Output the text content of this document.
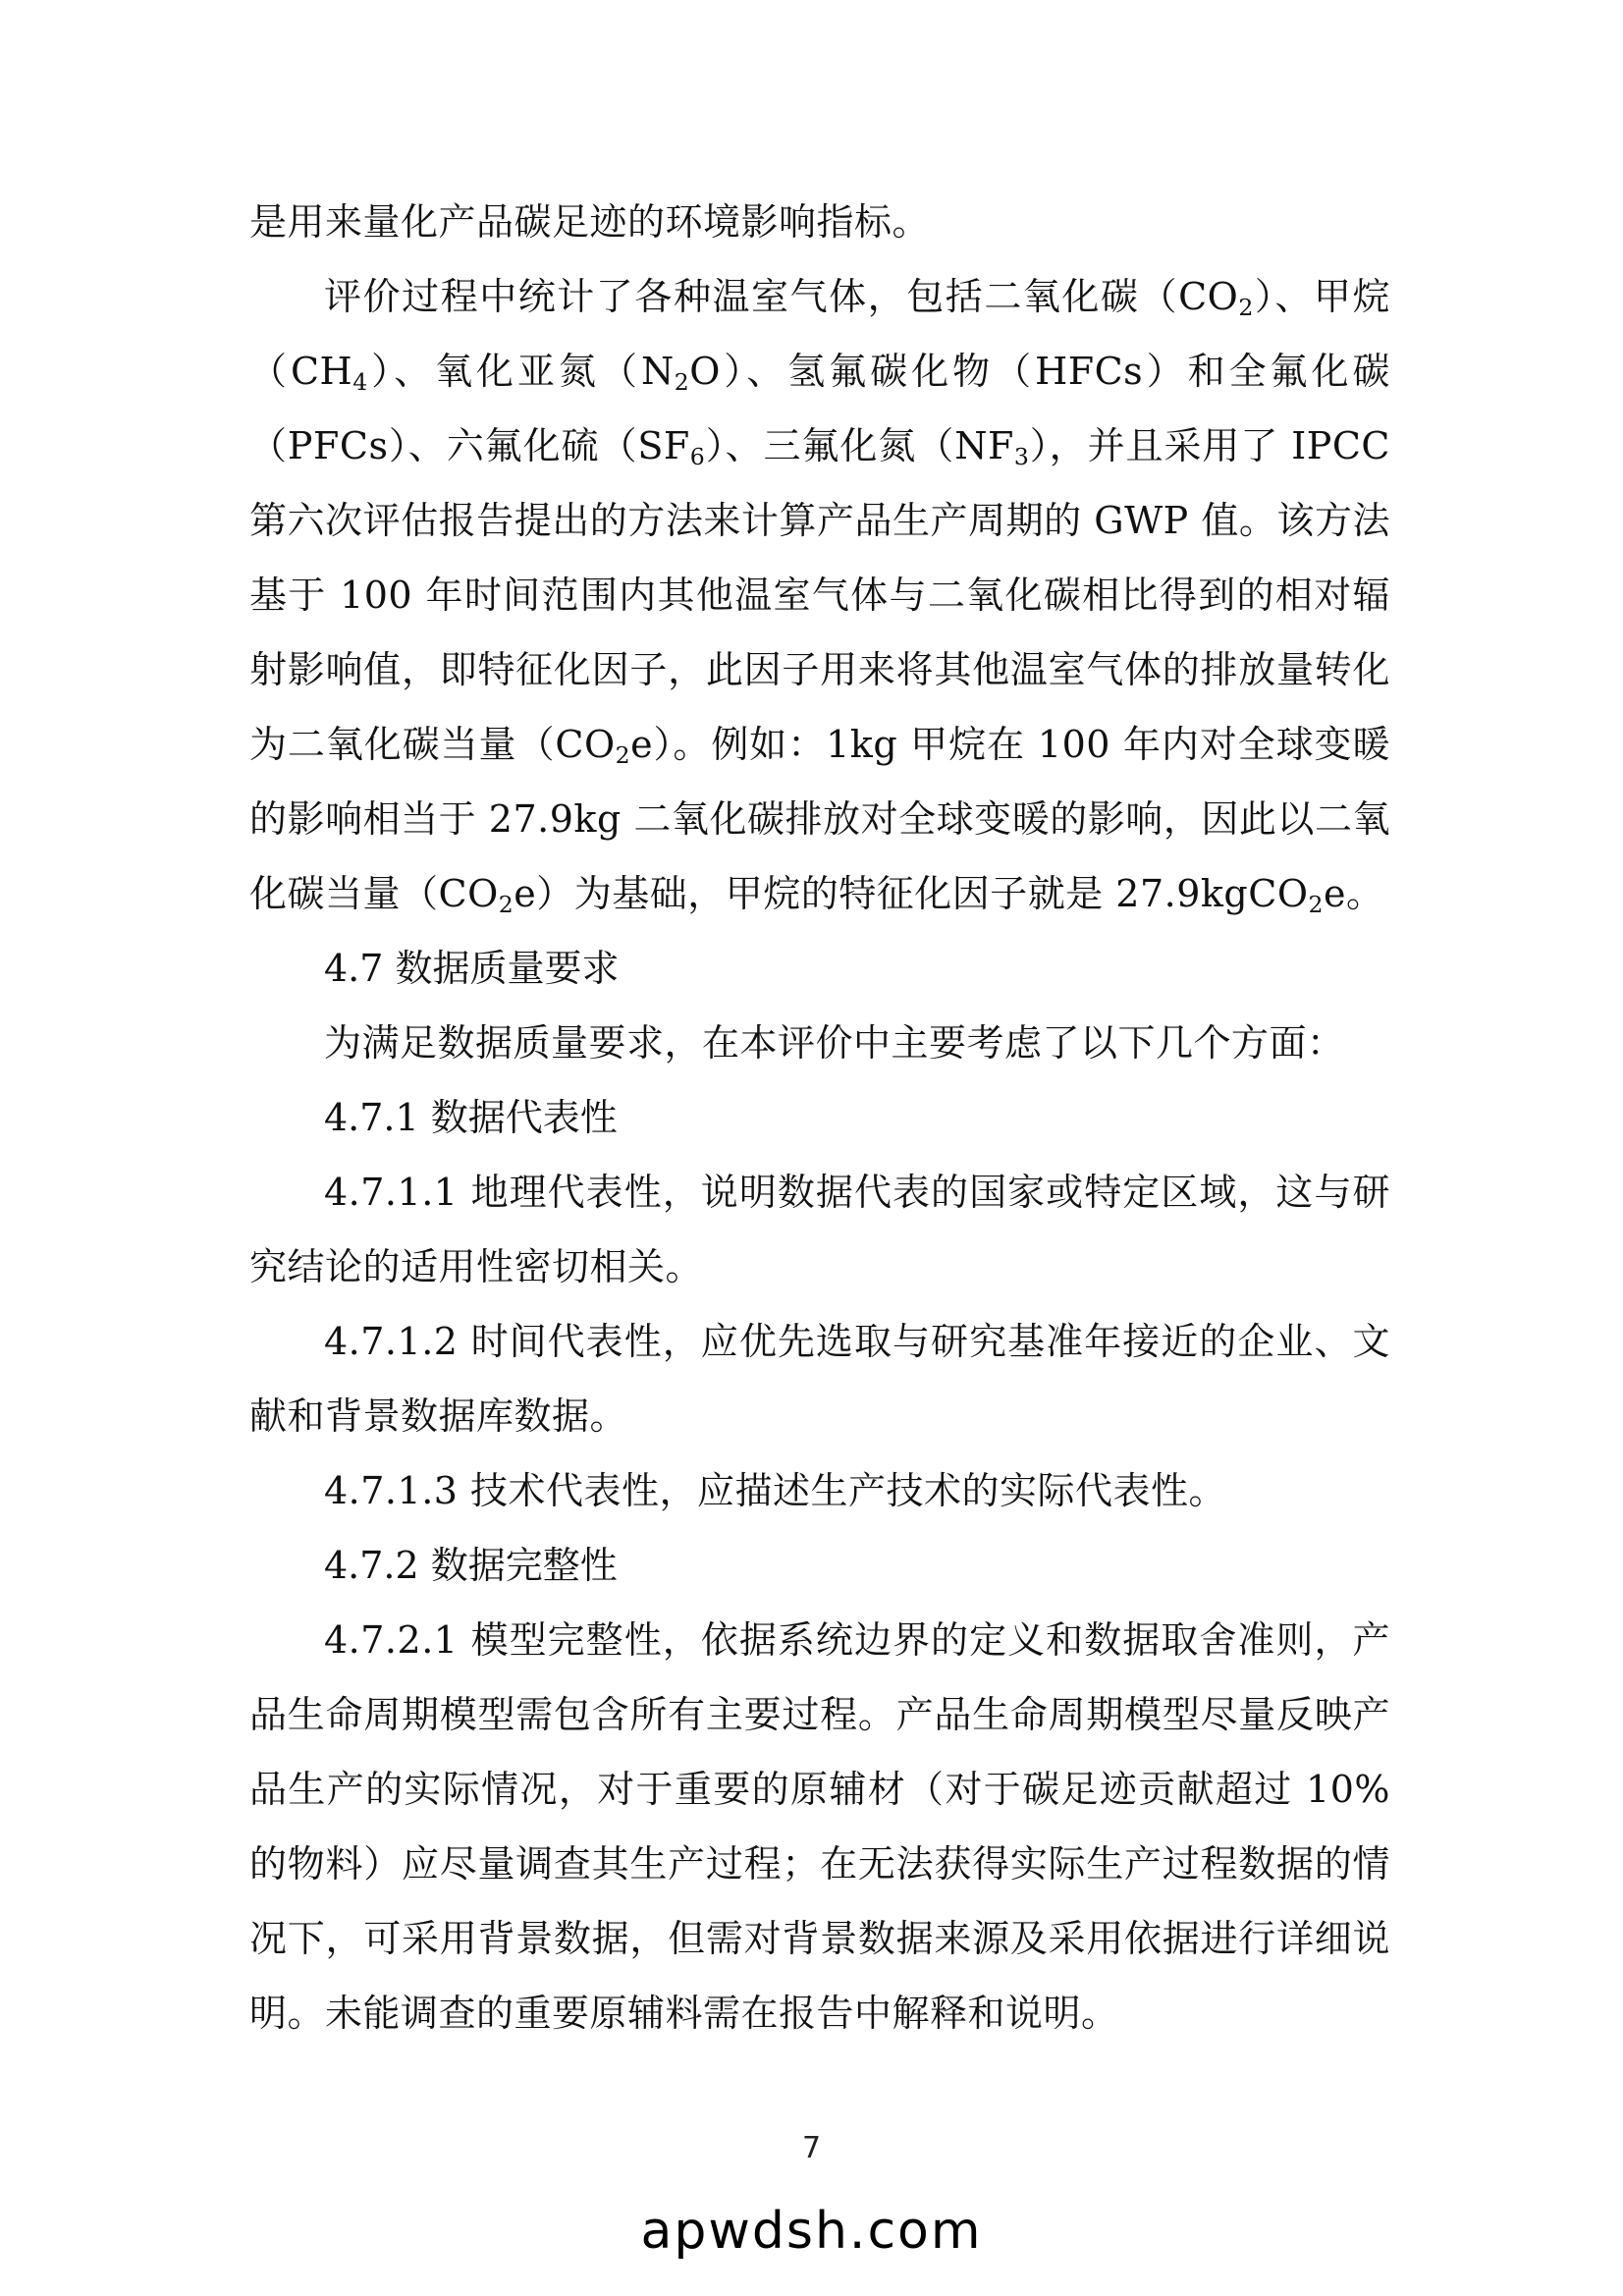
是用来量化产品碳足迹的环境影响指标。

评价过程中统计了各种温室气体，包括二氧化碳$(CO_2)$、甲烷$(CH_4)$、氧化亚氮$(N_2O)$、氢氟碳化物（HFCs）和全氟化碳（PFCs）、六氟化硫$(SF_6)$、三氟化氮$(NF_3)$，并且采用了 IPCC 第六次评估报告提出的方法来计算产品生产周期的 GWP 值。该方法基于 100 年时间范围内其他温室气体与二氧化碳相比得到的相对辐射影响值，即特征化因子，此因子用来将其他温室气体的排放量转化为二氧化碳当量$(CO_2e)$。例如：1kg 甲烷在 100 年内对全球变暖的影响相当于 27.9kg 二氧化碳排放对全球变暖的影响，因此以二氧化碳当量$(CO_2e)$为基础，甲烷的特征化因子就是 27.9kgCO$_2$e。

4.7 数据质量要求

为满足数据质量要求，在本评价中主要考虑了以下几个方面：

4.7.1 数据代表性

4.7.1.1 地理代表性，说明数据代表的国家或特定区域，这与研究结论的适用性密切相关。

4.7.1.2 时间代表性，应优先选取与研究基准年接近的企业、文献和背景数据库数据。

4.7.1.3 技术代表性，应描述生产技术的实际代表性。

4.7.2 数据完整性

4.7.2.1 模型完整性，依据系统边界的定义和数据取舍准则，产品生命周期模型需包含所有主要过程。产品生命周期模型尽量反映产品生产的实际情况，对于重要的原辅材（对于碳足迹贡献超过 10%的物料）应尽量调查其生产过程；在无法获得实际生产过程数据的情况下，可采用背景数据，但需对背景数据来源及采用依据进行详细说明。未能调查的重要原辅料需在报告中解释和说明。

7
apwdsh.com
